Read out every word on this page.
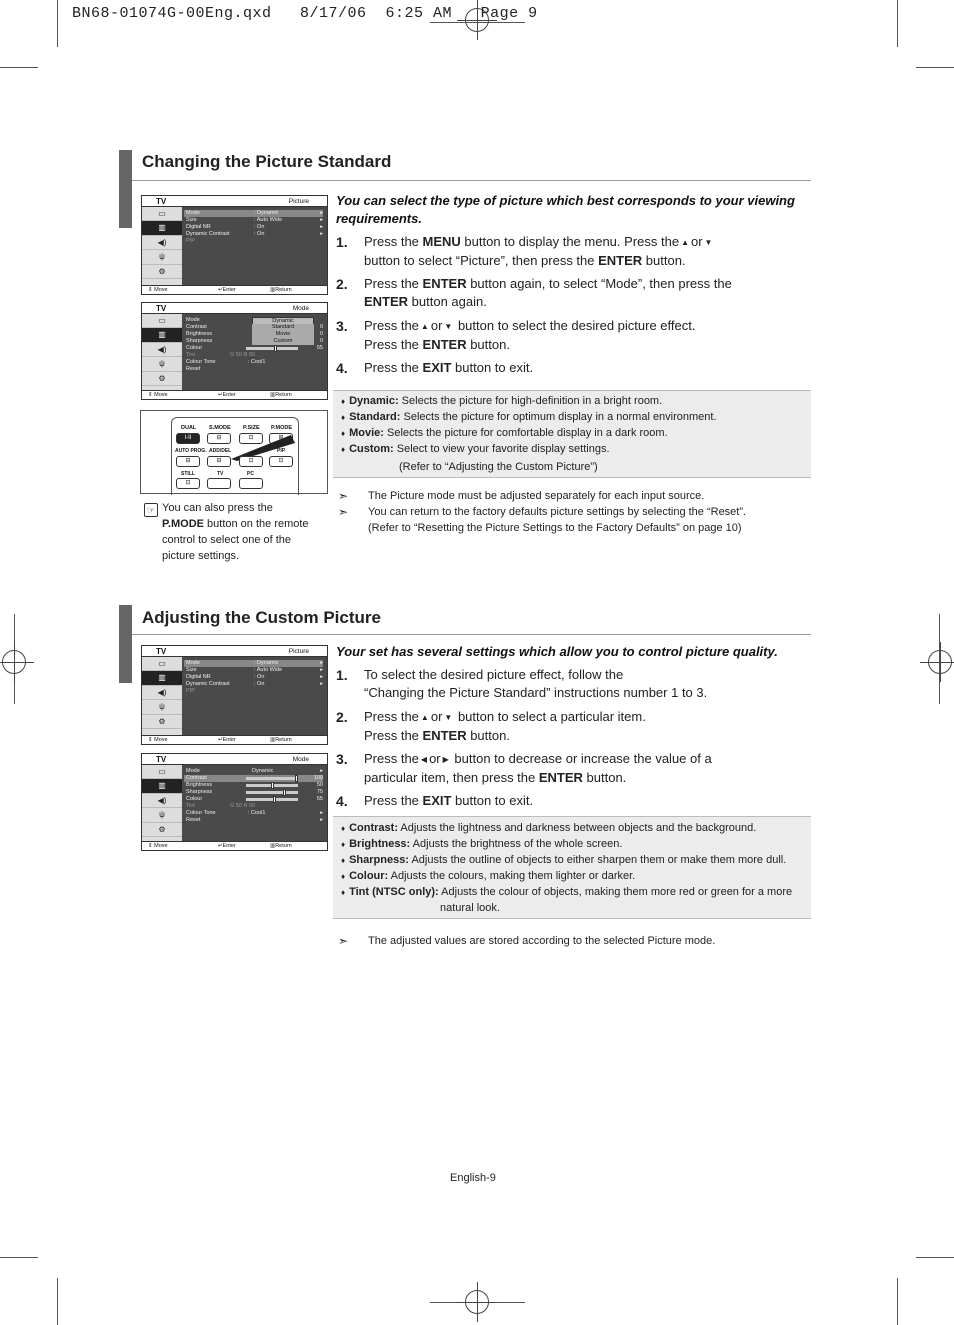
BN68-01074G-00Eng.qxd   8/17/06  6:25 AM   Page 9
Changing the Picture Standard
TV	Picture
▭
▥
◀)
ψ
⚙
Mode	: Dynamic	▸
Size	: Auto Wide	▸
Digital NR	: On	▸
Dynamic Contrast	: On	▸
PIP
⇕ Move	↵Enter	▥Return
TV	Mode
▭
▥
◀)
ψ
⚙
Mode	Dynamic
Contrast	Standard	0
Brightness	Movie	0
Sharpness	Custom	0
Colour	55
Tint	G 50 R 50
Colour Tone	: Cool1
Reset
⇕ Move	↵Enter	▥Return
DUAL S.MODE P.SIZE P.MODE
I-II	⊟	⊡	⊞
AUTO PROG. ADD/DEL	PIP
⊟	⊟	⊡	⊡
STILL	TV	PC
⊡
☞ You can also press the
P.MODE button on the remote
control to select one of the
picture settings.
You can select the type of picture which best corresponds to your viewing requirements.
1. Press the MENU button to display the menu. Press the ▲ or ▼
button to select “Picture”, then press the ENTER button.
2. Press the ENTER button again, to select “Mode”, then press the
ENTER button again.
3. Press the ▲ or ▼ button to select the desired picture effect.
Press the ENTER button.
4. Press the EXIT button to exit.
♦ Dynamic: Selects the picture for high-definition in a bright room.
♦ Standard: Selects the picture for optimum display in a normal environment.
♦ Movie: Selects the picture for comfortable display in a dark room.
♦ Custom: Select to view your favorite display settings.
(Refer to “Adjusting the Custom Picture”)
➣ The Picture mode must be adjusted separately for each input source.
➣ You can return to the factory defaults picture settings by selecting the “Reset”.
(Refer to “Resetting the Picture Settings to the Factory Defaults” on page 10)
Adjusting the Custom Picture
TV	Picture
▭
▥
◀)
ψ
⚙
Mode	: Dynamic	▸
Size	: Auto Wide	▸
Digital NR	: On	▸
Dynamic Contrast	: On	▸
PIP
⇕ Move	↵Enter	▥Return
TV	Mode
▭
▥
◀)
ψ
⚙
Mode	Dynamic	▸
Contrast	100
Brightness	50
Sharpness	75
Colour	55
Tint	G 50 R 50
Colour Tone	: Cool1	▸
Reset	▸
⇕ Move	↵Enter	▥Return
Your set has several settings which allow you to control picture quality.
1. To select the desired picture effect, follow the
“Changing the Picture Standard” instructions number 1 to 3.
2. Press the ▲ or ▼ button to select a particular item.
Press the ENTER button.
3. Press the ◀ or ▶ button to decrease or increase the value of a
particular item, then press the ENTER button.
4. Press the EXIT button to exit.
♦ Contrast: Adjusts the lightness and darkness between objects and the background.
♦ Brightness: Adjusts the brightness of the whole screen.
♦ Sharpness: Adjusts the outline of objects to either sharpen them or make them more dull.
♦ Colour: Adjusts the colours, making them lighter or darker.
♦ Tint (NTSC only): Adjusts the colour of objects, making them more red or green for a more
natural look.
➣ The adjusted values are stored according to the selected Picture mode.
English-9
